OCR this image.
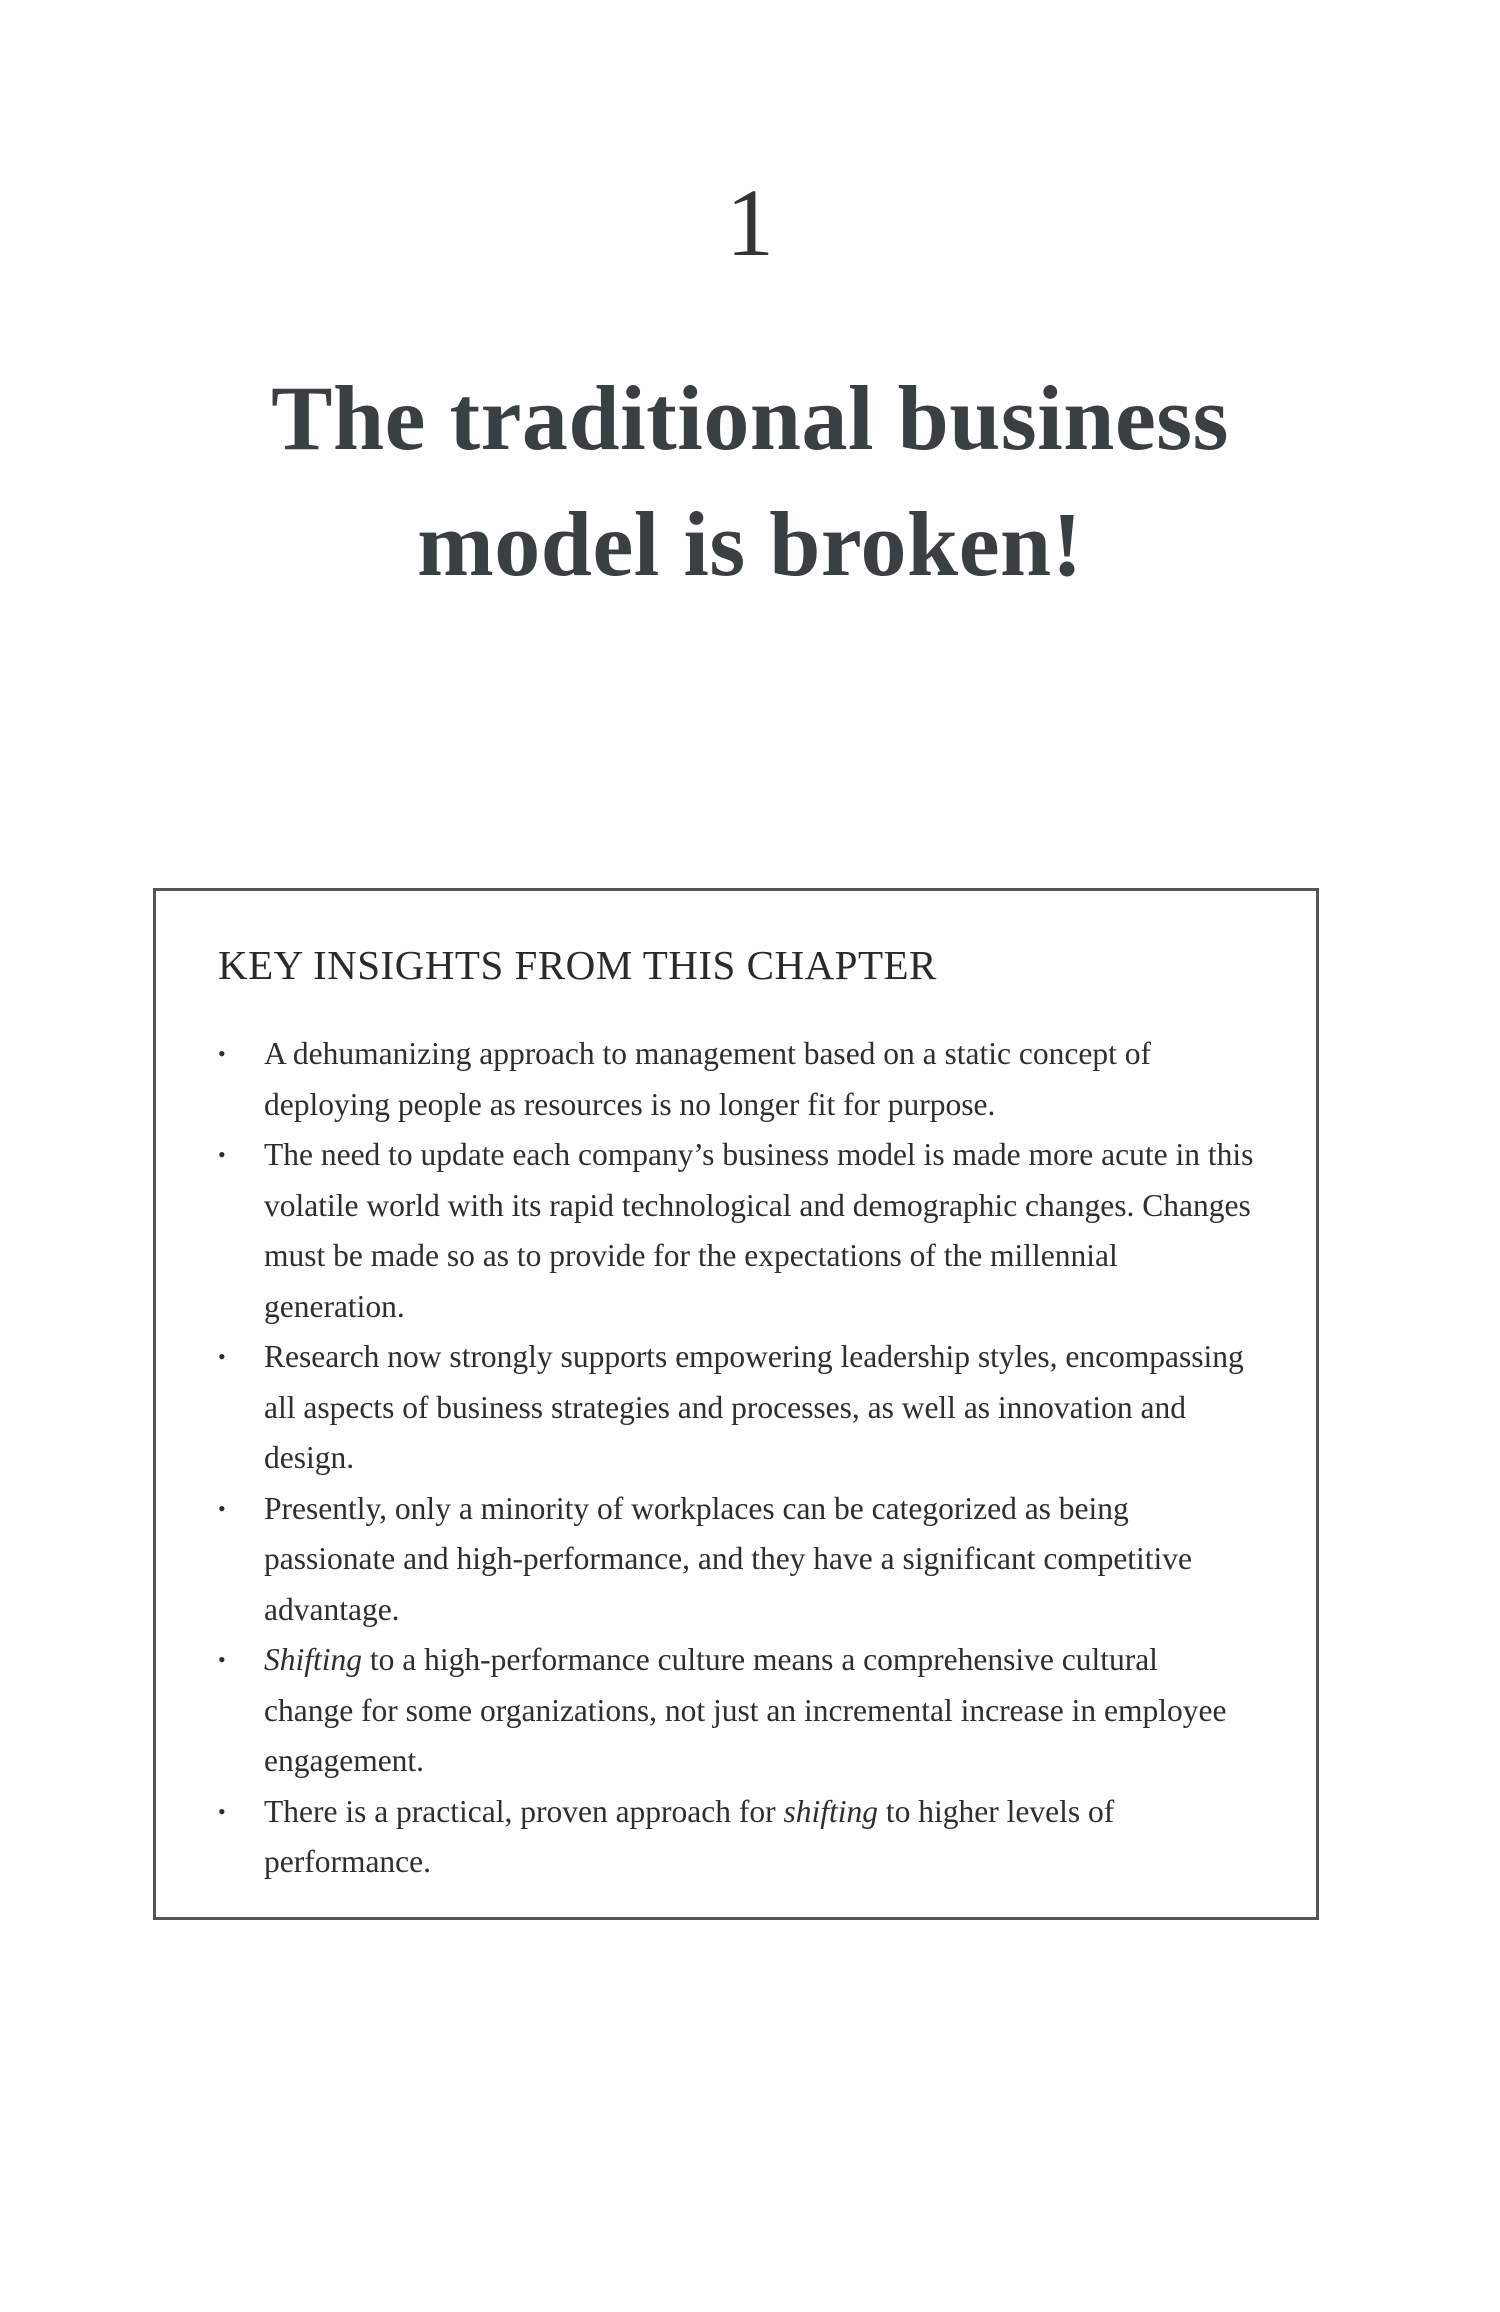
1
The traditional business model is broken!
KEY INSIGHTS FROM THIS CHAPTER
•	A dehumanizing approach to management based on a static concept of deploying people as resources is no longer fit for purpose.
•	The need to update each company’s business model is made more acute in this volatile world with its rapid technological and demographic changes. Changes must be made so as to provide for the expectations of the millennial generation.
•	Research now strongly supports empowering leadership styles, encompassing all aspects of business strategies and processes, as well as innovation and design.
•	Presently, only a minority of workplaces can be categorized as being passionate and high-performance, and they have a significant competitive advantage.
•	Shifting to a high-performance culture means a comprehensive cultural change for some organizations, not just an incremental increase in employee engagement.
•	There is a practical, proven approach for shifting to higher levels of performance.
